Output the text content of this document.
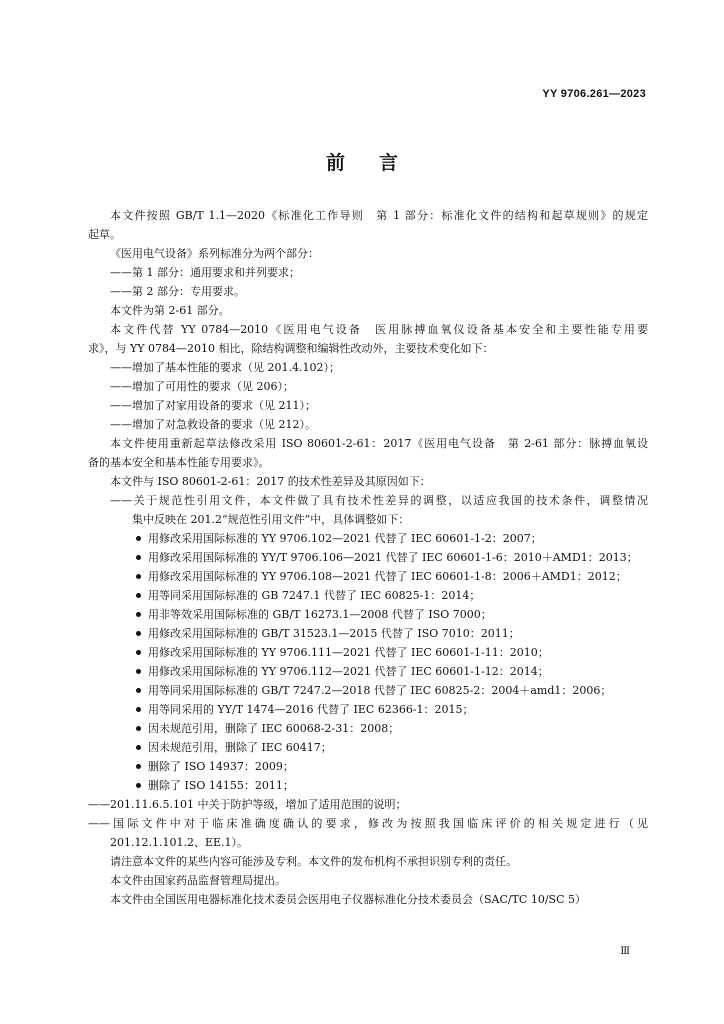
YY 9706.261—2023
前言

本文件按照 GB/T 1.1—2020《标准化工作导则　第 1 部分：标准化文件的结构和起草规则》的规定

起草。

《医用电气设备》系列标准分为两个部分：

——第 1 部分：通用要求和并列要求；

——第 2 部分：专用要求。

本文件为第 2-61 部分。

本文件代替 YY 0784—2010《医用电气设备　医用脉搏血氧仪设备基本安全和主要性能专用要

求》，与 YY 0784—2010 相比，除结构调整和编辑性改动外，主要技术变化如下：

——增加了基本性能的要求（见 201.4.102）；

——增加了可用性的要求（见 206）；

——增加了对家用设备的要求（见 211）；

——增加了对急救设备的要求（见 212）。

本文件使用重新起草法修改采用 ISO 80601-2-61：2017《医用电气设备　第 2-61 部分：脉搏血氧设

备的基本安全和基本性能专用要求》。

本文件与 ISO 80601-2-61：2017 的技术性差异及其原因如下：

——关于规范性引用文件，本文件做了具有技术性差异的调整，以适应我国的技术条件，调整情况

集中反映在 201.2“规范性引用文件”中，具体调整如下：

用修改采用国际标准的 YY 9706.102—2021 代替了 IEC 60601-1-2：2007；
用修改采用国际标准的 YY/T 9706.106—2021 代替了 IEC 60601-1-6：2010＋AMD1：2013；
用修改采用国际标准的 YY 9706.108—2021 代替了 IEC 60601-1-8：2006＋AMD1：2012；
用等同采用国际标准的 GB 7247.1 代替了 IEC 60825-1：2014；
用非等效采用国际标准的 GB/T 16273.1—2008 代替了 ISO 7000；
用修改采用国际标准的 GB/T 31523.1—2015 代替了 ISO 7010：2011；
用修改采用国际标准的 YY 9706.111—2021 代替了 IEC 60601-1-11：2010；
用修改采用国际标准的 YY 9706.112—2021 代替了 IEC 60601-1-12：2014；
用等同采用国际标准的 GB/T 7247.2—2018 代替了 IEC 60825-2：2004＋amd1：2006；
用等同采用的 YY/T 1474—2016 代替了 IEC 62366-1：2015；
因未规范引用，删除了 IEC 60068-2-31：2008；
因未规范引用，删除了 IEC 60417；
删除了 ISO 14937：2009；
删除了 ISO 14155：2011；

——201.11.6.5.101 中关于防护等级，增加了适用范围的说明；

——国际文件中对于临床准确度确认的要求，修改为按照我国临床评价的相关规定进行（见

201.12.1.101.2、EE.1）。

请注意本文件的某些内容可能涉及专利。本文件的发布机构不承担识别专利的责任。

本文件由国家药品监督管理局提出。

本文件由全国医用电器标准化技术委员会医用电子仪器标准化分技术委员会（SAC/TC 10/SC 5）

Ⅲ
